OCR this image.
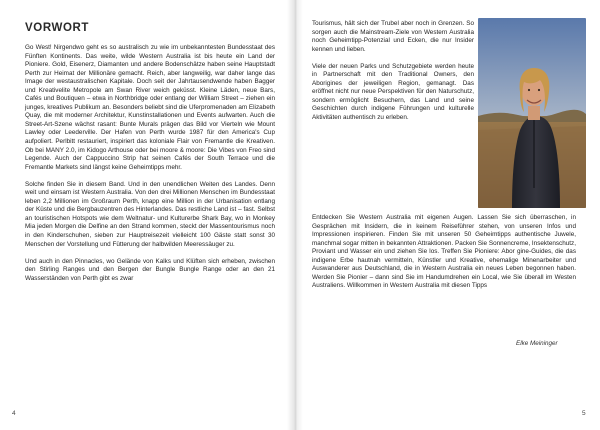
VORWORT

Go West! Nirgendwo geht es so australisch zu wie im unbekanntesten Bundesstaat des Fünften Kontinents. Das weite, wilde Western Australia ist bis heute ein Land der Pioniere. Gold, Eisenerz, Diamanten und andere Bodenschätze haben seine Hauptstadt Perth zur Heimat der Millionäre gemacht. Reich, aber langweilig, war daher lange das Image der westaustralischen Kapitale. Doch seit der Jahrtausendwende haben Bagger und Kreativelite Metropole am Swan River weich geküsst. Kleine Läden, neue Bars, Cafés und Boutiquen – etwa in Northbridge oder entlang der William Street – ziehen ein junges, kreatives Publikum an. Besonders beliebt sind die Uferpromenaden am Elizabeth Quay, die mit moderner Architektur, Kunstinstallationen und Events aufwarten. Auch die Street-Art-Szene wächst rasant: Bunte Murals prägen das Bild vor Vierteln wie Mount Lawley oder Leederville. Der Hafen von Perth wurde 1987 für den America's Cup aufpoliert. Perlbitt restauriert, inspiriert das koloniale Flair von Fremantle die Kreativen. Ob bei MANY 2.0, im Kidogo Arthouse oder bei moore & moore: Die Vibes von Freo sind Legende. Auch der Cappuccino Strip hat seinen Cafés der South Terrace und die Fremantle Markets sind längst keine Geheimtipps mehr.

Solche finden Sie in diesem Band. Und in den unendlichen Weiten des Landes. Denn weit und einsam ist Western Australia. Von den drei Millionen Menschen im Bundesstaat leben 2,2 Millionen im Großraum Perth, knapp eine Million in der Urbanisation entlang der Küste und die Bergbauzentren des Hinterlandes. Das restliche Land ist – fast. Selbst an touristischen Hotspots wie dem Weltnatur- und Kulturerbe Shark Bay, wo in Monkey Mia jeden Morgen die Delfine an den Strand kommen, steckt der Massentourismus noch in den Kinderschuhen, sieben zur Hauptreisezeit vielleicht 100 Gäste statt sonst 30 Menschen der Vorstellung und Fütterung der halbwilden Meeressäuger zu.

Und auch in den Pinnacles, wo Gelände von Kalks und Klüften sich erheben, zwischen den Stirling Ranges und den Bergen der Bungle Bungle Range oder an den 21 Wasserständen von Perth gibt es zwar

4

Tourismus, hält sich der Trubel aber noch in Grenzen. So sorgen auch die Mainstream-Ziele von Western Australia noch Geheimtipp-Potenzial und Ecken, die nur Insider kennen und lieben.

Viele der neuen Parks und Schutzgebiete werden heute in Partnerschaft mit den Traditional Owners, den Aborigines der jeweiligen Region, gemanagt. Das eröffnet nicht nur neue Perspektiven für den Naturschutz, sondern ermöglicht Besuchern, das Land und seine Geschichten durch indigene Führungen und kulturelle Aktivitäten authentisch zu erleben.

Entdecken Sie Western Australia mit eigenen Augen. Lassen Sie sich überraschen, in Gesprächen mit Insidern, die in keinem Reiseführer stehen, von unseren Infos und Impressionen inspirieren. Finden Sie mit unseren 50 Geheimtipps authentische Juwele, manchmal sogar mitten in bekannten Attraktionen. Packen Sie Sonnencreme, Insektenschutz, Proviant und Wasser ein und ziehen Sie los. Treffen Sie Pioniere: Abor gine-Guides, die das indigene Erbe hautnah vermitteln, Künstler und Kreative, ehemalige Minenarbeiter und Auswanderer aus Deutschland, die in Western Australia ein neues Leben begonnen haben. Werden Sie Pionier – dann sind Sie im Handumdrehen ein Local, wie Sie überall im Westen Australiens. Willkommen in Western Australia mit diesen Tipps

Elke Meininger
5
